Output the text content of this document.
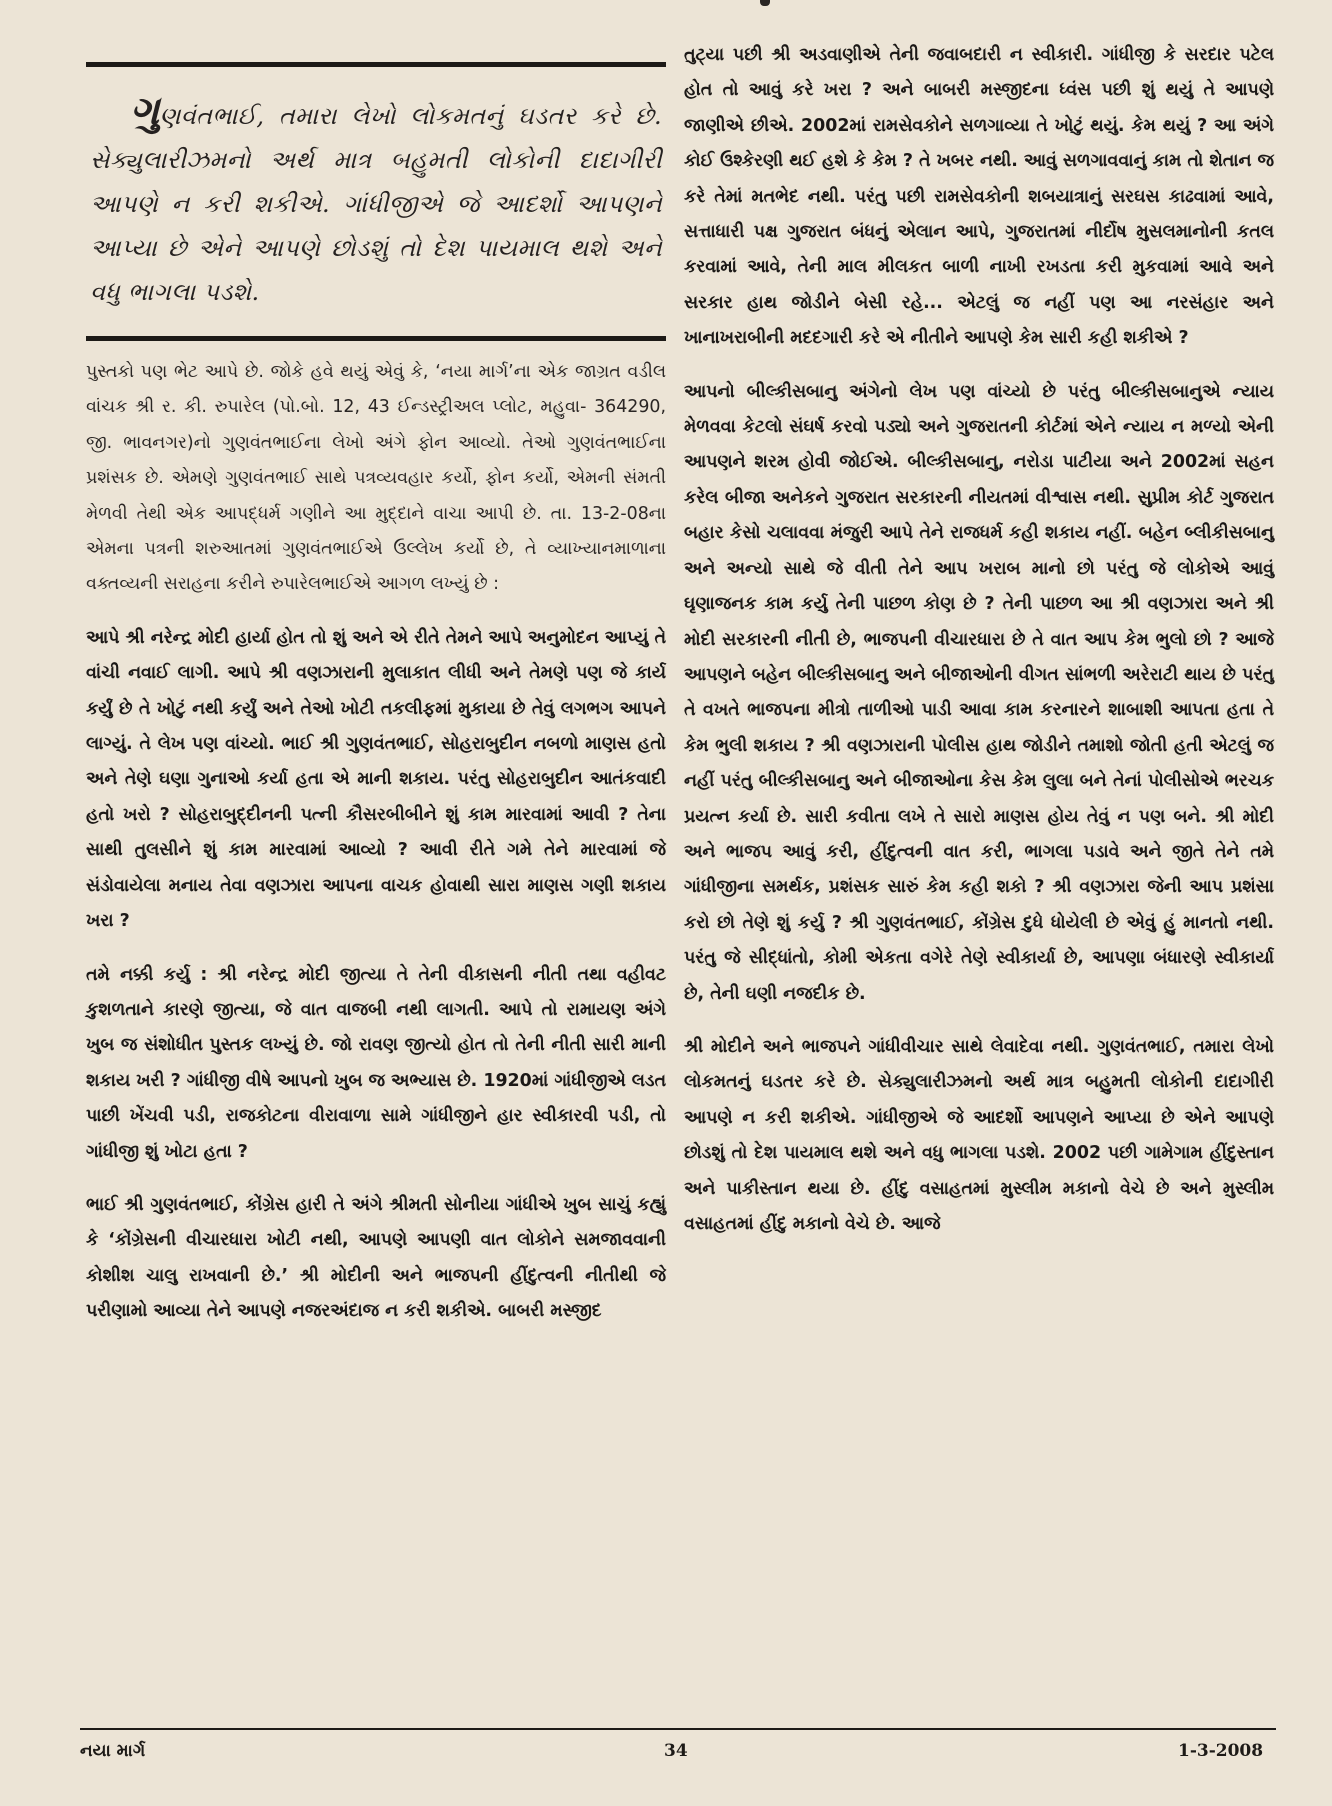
ગુણવંતભાઈ, તમારા લેખો લોકમતનું ઘડતર કરે છે. સેક્યુલારીઝમનો અર્થ માત્ર બહુમતી લોકોની દાદાગીરી આપણે ન કરી શકીએ. ગાંધીજીએ જે આદર્શો આપણને આપ્યા છે એને આપણે છોડશું તો દેશ પાયમાલ થશે અને વધુ ભાગલા પડશે.

પુસ્તકો પણ ભેટ આપે છે. જોકે હવે થયું એવું કે, ‘નયા માર્ગ’ના એક જાગ્રત વડીલ વાંચક શ્રી ર. કી. રુપારેલ (પો.બો. 12, 43 ઈન્ડસ્ટ્રીઅલ પ્લોટ, મહુવા- 364290, જી. ભાવનગર)નો ગુણવંતભાઈના લેખો અંગે ફોન આવ્યો. તેઓ ગુણવંતભાઈના પ્રશંસક છે. એમણે ગુણવંતભાઈ સાથે પત્રવ્યવહાર કર્યો, ફોન કર્યો, એમની સંમતી મેળવી તેથી એક આપદ્ધર્મ ગણીને આ મુદ્દાને વાચા આપી છે. તા. 13-2-08ના એમના પત્રની શરુઆતમાં ગુણવંતભાઈએ ઉલ્લેખ કર્યો છે, તે વ્યાખ્યાનમાળાના વક્તવ્યની સરાહના કરીને રુપારેલભાઈએ આગળ લખ્યું છે :

આપે શ્રી નરેન્દ્ર મોદી હાર્યા હોત તો શું અને એ રીતે તેમને આપે અનુમોદન આપ્યું તે વાંચી નવાઈ લાગી. આપે શ્રી વણઝારાની મુલાકાત લીધી અને તેમણે પણ જે કાર્ય કર્યું છે તે ખોટું નથી કર્યું અને તેઓ ખોટી તકલીફમાં મુકાયા છે તેવું લગભગ આપને લાગ્યું. તે લેખ પણ વાંચ્યો. ભાઈ શ્રી ગુણવંતભાઈ, સોહરાબુદીન નબળો માણસ હતો અને તેણે ઘણા ગુનાઓ કર્યા હતા એ માની શકાય. પરંતુ સોહરાબુદીન આતંકવાદી હતો ખરો ? સોહરાબુદ્દીનની પત્ની કૌસરબીબીને શું કામ મારવામાં આવી ? તેના સાથી તુલસીને શું કામ મારવામાં આવ્યો ? આવી રીતે ગમે તેને મારવામાં જે સંડોવાયેલા મનાય તેવા વણઝારા આપના વાચક હોવાથી સારા માણસ ગણી શકાય ખરા ?

તમે નક્કી કર્યુ : શ્રી નરેન્દ્ર મોદી જીત્યા તે તેની વીકાસની નીતી તથા વહીવટ કુશળતાને કારણે જીત્યા, જે વાત વાજબી નથી લાગતી. આપે તો રામાયણ અંગે ખુબ જ સંશોધીત પુસ્તક લખ્યું છે. જો રાવણ જીત્યો હોત તો તેની નીતી સારી માની શકાય ખરી ? ગાંધીજી વીષે આપનો ખુબ જ અભ્યાસ છે. 1920માં ગાંધીજીએ લડત પાછી ખેંચવી પડી, રાજકોટના વીરાવાળા સામે ગાંધીજીને હાર સ્વીકારવી પડી, તો ગાંધીજી શું ખોટા હતા ?

ભાઈ શ્રી ગુણવંતભાઈ, કોંગ્રેસ હારી તે અંગે શ્રીમતી સોનીયા ગાંધીએ ખુબ સાચું કહ્યું કે ‘કોંગ્રેસની વીચારધારા ખોટી નથી, આપણે આપણી વાત લોકોને સમજાવવાની કોશીશ ચાલુ રાખવાની છે.’ શ્રી મોદીની અને ભાજપની હીંદુત્વની નીતીથી જે પરીણામો આવ્યા તેને આપણે નજરઅંદાજ ન કરી શકીએ. બાબરી મસ્જીદ

તુટ્યા પછી શ્રી અડવાણીએ તેની જવાબદારી ન સ્વીકારી. ગાંધીજી કે સરદાર પટેલ હોત તો આવું કરે ખરા ? અને બાબરી મસ્જીદના ધ્વંસ પછી શું થયું તે આપણે જાણીએ છીએ. 2002માં રામસેવકોને સળગાવ્યા તે ખોટું થયું. કેમ થયું ? આ અંગે કોઈ ઉશ્કેરણી થઈ હશે કે કેમ ? તે ખબર નથી. આવું સળગાવવાનું કામ તો શેતાન જ કરે તેમાં મતભેદ નથી. પરંતુ પછી રામસેવકોની શબયાત્રાનું સરઘસ કાઢવામાં આવે, સત્તાધારી પક્ષ ગુજરાત બંધનું એલાન આપે, ગુજરાતમાં નીર્દોષ મુસલમાનોની કતલ કરવામાં આવે, તેની માલ મીલકત બાળી નાખી રખડતા કરી મુકવામાં આવે અને સરકાર હાથ જોડીને બેસી રહે... એટલું જ નહીં પણ આ નરસંહાર અને ખાનાખરાબીની મદદગારી કરે એ નીતીને આપણે કેમ સારી કહી શકીએ ?

આપનો બીલ્કીસબાનુ અંગેનો લેખ પણ વાંચ્યો છે પરંતુ બીલ્કીસબાનુએ ન્યાય મેળવવા કેટલો સંઘર્ષ કરવો પડ્યો અને ગુજરાતની કોર્ટમાં એને ન્યાય ન મળ્યો એની આપણને શરમ હોવી જોઈએ. બીલ્કીસબાનુ, નરોડા પાટીયા અને 2002માં સહન કરેલ બીજા અનેકને ગુજરાત સરકારની નીયતમાં વીશ્વાસ નથી. સુપ્રીમ કોર્ટ ગુજરાત બહાર કેસો ચલાવવા મંજુરી આપે તેને રાજધર્મ કહી શકાય નહીં. બહેન બ્લીકીસબાનુ અને અન્યો સાથે જે વીતી તેને આપ ખરાબ માનો છો પરંતુ જે લોકોએ આવું ઘૃણાજનક કામ કર્યુ તેની પાછળ કોણ છે ? તેની પાછળ આ શ્રી વણઝારા અને શ્રી મોદી સરકારની નીતી છે, ભાજપની વીચારધારા છે તે વાત આપ કેમ ભુલો છો ? આજે આપણને બહેન બીલ્કીસબાનુ અને બીજાઓની વીગત સાંભળી અરેરાટી થાય છે પરંતુ તે વખતે ભાજપના મીત્રો તાળીઓ પાડી આવા કામ કરનારને શાબાશી આપતા હતા તે કેમ ભુલી શકાય ? શ્રી વણઝારાની પોલીસ હાથ જોડીને તમાશો જોતી હતી એટલું જ નહીં પરંતુ બીલ્કીસબાનુ અને બીજાઓના કેસ કેમ લુલા બને તેનાં પોલીસોએ ભરચક પ્રયત્ન કર્યા છે. સારી કવીતા લખે તે સારો માણસ હોય તેવું ન પણ બને. શ્રી મોદી અને ભાજપ આવું કરી, હીંદુત્વની વાત કરી, ભાગલા પડાવે અને જીતે તેને તમે ગાંધીજીના સમર્થક, પ્રશંસક સારું કેમ કહી શકો ? શ્રી વણઝારા જેની આપ પ્રશંસા કરો છો તેણે શું કર્યુ ? શ્રી ગુણવંતભાઈ, કોંગ્રેસ દુધે ધોયેલી છે એવું હું માનતો નથી. પરંતુ જે સીદ્ધાંતો, કોમી એકતા વગેરે તેણે સ્વીકાર્યા છે, આપણા બંધારણે સ્વીકાર્યા છે, તેની ઘણી નજદીક છે.

શ્રી મોદીને અને ભાજપને ગાંધીવીચાર સાથે લેવાદેવા નથી. ગુણવંતભાઈ, તમારા લેખો લોકમતનું ઘડતર કરે છે. સેક્યુલારીઝમનો અર્થ માત્ર બહુમતી લોકોની દાદાગીરી આપણે ન કરી શકીએ. ગાંધીજીએ જે આદર્શો આપણને આપ્યા છે એને આપણે છોડશું તો દેશ પાયમાલ થશે અને વધુ ભાગલા પડશે. 2002 પછી ગામેગામ હીંદુસ્તાન અને પાકીસ્તાન થયા છે. હીંદુ વસાહતમાં મુસ્લીમ મકાનો વેચે છે અને મુસ્લીમ વસાહતમાં હીંદુ મકાનો વેચે છે. આજે

નયા માર્ગ	34	1-3-2008
